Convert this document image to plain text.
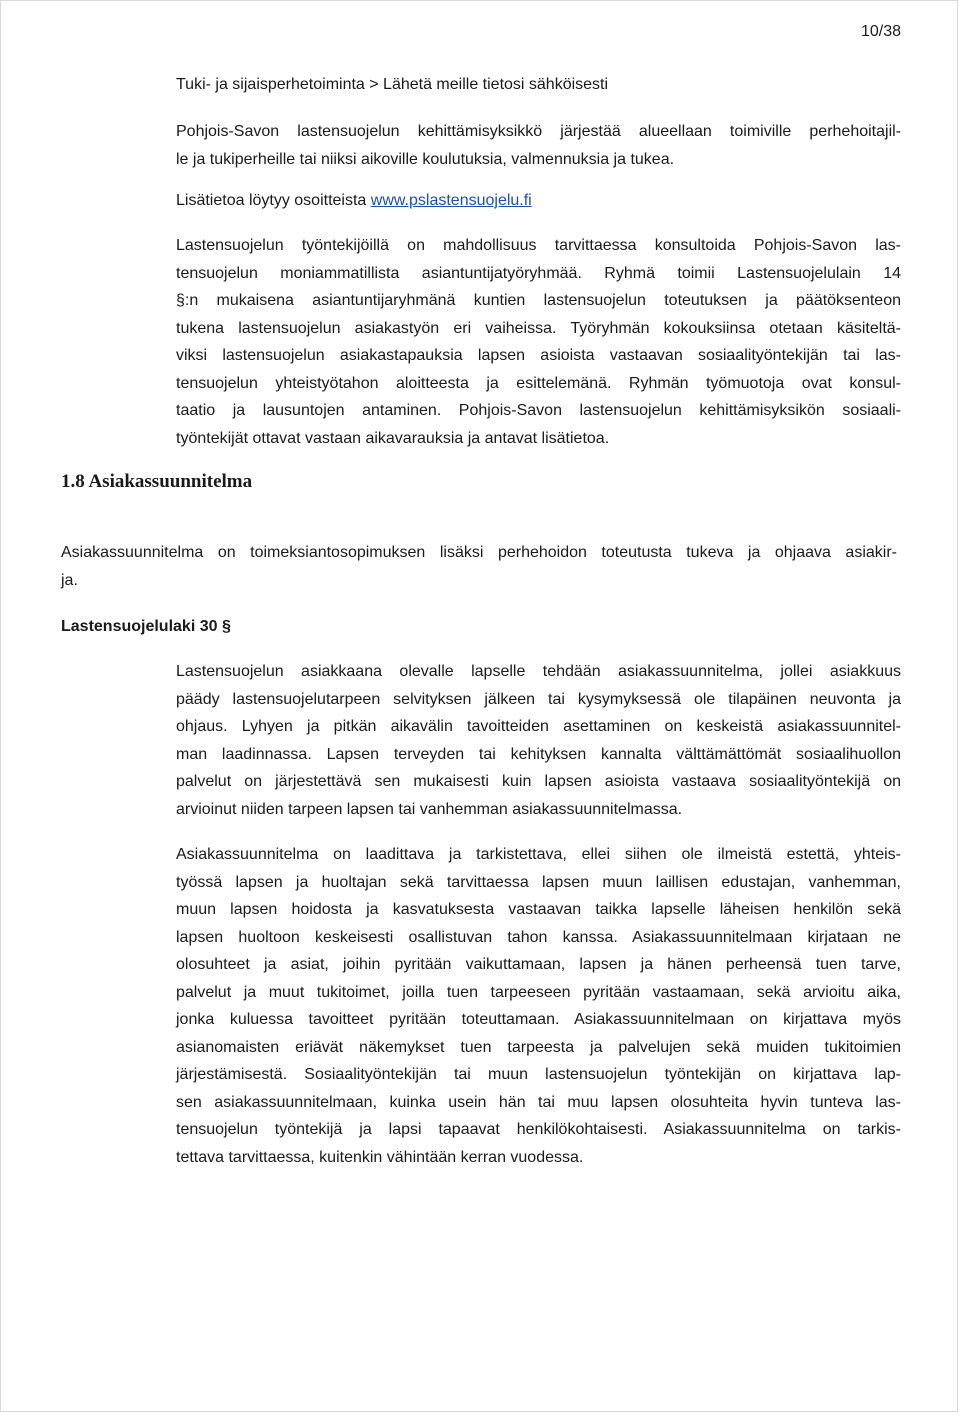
10/38
Tuki- ja sijaisperhetoiminta > Lähetä meille tietosi sähköisesti
Pohjois-Savon lastensuojelun kehittämisyksikkö järjestää alueellaan toimiville perhehoitajil-
le ja tukiperheille tai niiksi aikoville koulutuksia, valmennuksia ja tukea.
Lisätietoa löytyy osoitteista www.pslastensuojelu.fi
Lastensuojelun työntekijöillä on mahdollisuus tarvittaessa konsultoida Pohjois-Savon las-
tensuojelun moniammatillista asiantuntijatyöryhmää. Ryhmä toimii Lastensuojelulain 14
§:n mukaisena asiantuntijaryhmänä kuntien lastensuojelun toteutuksen ja päätöksenteon
tukena lastensuojelun asiakastyön eri vaiheissa. Työryhmän kokouksiinsa otetaan käsiteltä-
viksi lastensuojelun asiakastapauksia lapsen asioista vastaavan sosiaalityöntekijän tai las-
tensuojelun yhteistyötahon aloitteesta ja esittelemänä. Ryhmän työmuotoja ovat konsul-
taatio ja lausuntojen antaminen. Pohjois-Savon lastensuojelun kehittämisyksikön sosiaali-
työntekijät ottavat vastaan aikavarauksia ja antavat lisätietoa.
1.8 Asiakassuunnitelma
Asiakassuunnitelma on toimeksiantosopimuksen lisäksi perhehoidon toteutusta tukeva ja ohjaava asiakir-
ja.
Lastensuojelulaki 30 §
Lastensuojelun asiakkaana olevalle lapselle tehdään asiakassuunnitelma, jollei asiakkuus
päädy lastensuojelutarpeen selvityksen jälkeen tai kysymyksessä ole tilapäinen neuvonta ja
ohjaus. Lyhyen ja pitkän aikavälin tavoitteiden asettaminen on keskeistä asiakassuunnitel-
man laadinnassa. Lapsen terveyden tai kehityksen kannalta välttämättömät sosiaalihuollon
palvelut on järjestettävä sen mukaisesti kuin lapsen asioista vastaava sosiaalityöntekijä on
arvioinut niiden tarpeen lapsen tai vanhemman asiakassuunnitelmassa.
Asiakassuunnitelma on laadittava ja tarkistettava, ellei siihen ole ilmeistä estettä, yhteis-
työssä lapsen ja huoltajan sekä tarvittaessa lapsen muun laillisen edustajan, vanhemman,
muun lapsen hoidosta ja kasvatuksesta vastaavan taikka lapselle läheisen henkilön sekä
lapsen huoltoon keskeisesti osallistuvan tahon kanssa. Asiakassuunnitelmaan kirjataan ne
olosuhteet ja asiat, joihin pyritään vaikuttamaan, lapsen ja hänen perheensä tuen tarve,
palvelut ja muut tukitoimet, joilla tuen tarpeeseen pyritään vastaamaan, sekä arvioitu aika,
jonka kuluessa tavoitteet pyritään toteuttamaan. Asiakassuunnitelmaan on kirjattava myös
asianomaisten eriävät näkemykset tuen tarpeesta ja palvelujen sekä muiden tukitoimien
järjestämisestä. Sosiaalityöntekijän tai muun lastensuojelun työntekijän on kirjattava lap-
sen asiakassuunnitelmaan, kuinka usein hän tai muu lapsen olosuhteita hyvin tunteva las-
tensuojelun työntekijä ja lapsi tapaavat henkilökohtaisesti. Asiakassuunnitelma on tarkis-
tettava tarvittaessa, kuitenkin vähintään kerran vuodessa.
